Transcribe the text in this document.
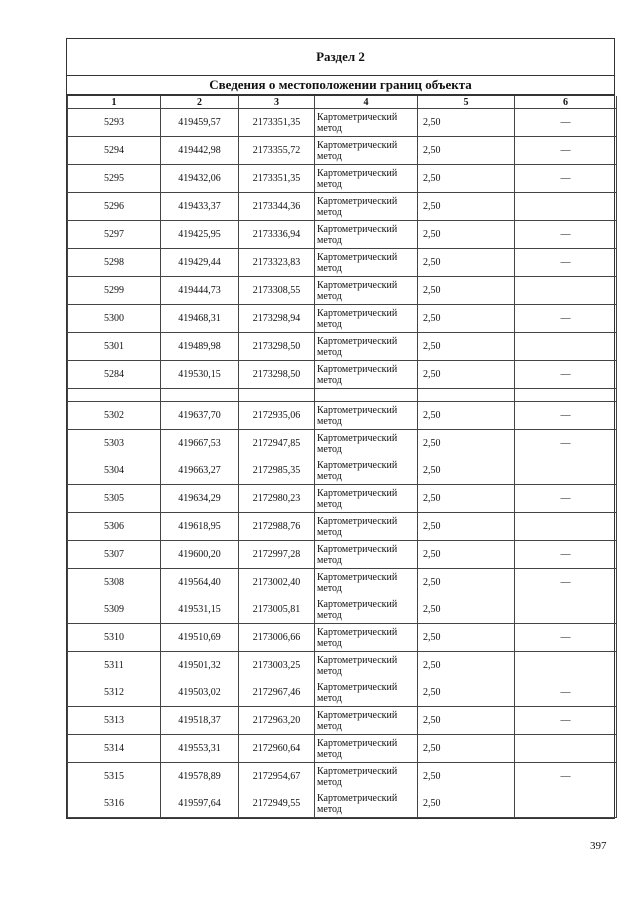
Раздел 2
Сведения о местоположении границ объекта
1	2	3	4	5	6
5293	419459,57	2173351,35	Картометрический
метод	2,50	—
5294	419442,98	2173355,72	Картометрический
метод	2,50	—
5295	419432,06	2173351,35	Картометрический
метод	2,50	—
5296	419433,37	2173344,36	Картометрический
метод	2,50	
5297	419425,95	2173336,94	Картометрический
метод	2,50	—
5298	419429,44	2173323,83	Картометрический
метод	2,50	—
5299	419444,73	2173308,55	Картометрический
метод	2,50	
5300	419468,31	2173298,94	Картометрический
метод	2,50	—
5301	419489,98	2173298,50	Картометрический
метод	2,50	
5284	419530,15	2173298,50	Картометрический
метод	2,50	—

5302	419637,70	2172935,06	Картометрический
метод	2,50	—
5303	419667,53	2172947,85	Картометрический
метод	2,50	—
5304	419663,27	2172985,35	Картометрический
метод	2,50	
5305	419634,29	2172980,23	Картометрический
метод	2,50	—
5306	419618,95	2172988,76	Картометрический
метод	2,50	
5307	419600,20	2172997,28	Картометрический
метод	2,50	—
5308	419564,40	2173002,40	Картометрический
метод	2,50	—
5309	419531,15	2173005,81	Картометрический
метод	2,50	
5310	419510,69	2173006,66	Картометрический
метод	2,50	—
5311	419501,32	2173003,25	Картометрический
метод	2,50	
5312	419503,02	2172967,46	Картометрический
метод	2,50	—
5313	419518,37	2172963,20	Картометрический
метод	2,50	—
5314	419553,31	2172960,64	Картометрический
метод	2,50	
5315	419578,89	2172954,67	Картометрический
метод	2,50	—
5316	419597,64	2172949,55	Картометрический
метод	2,50	
397
